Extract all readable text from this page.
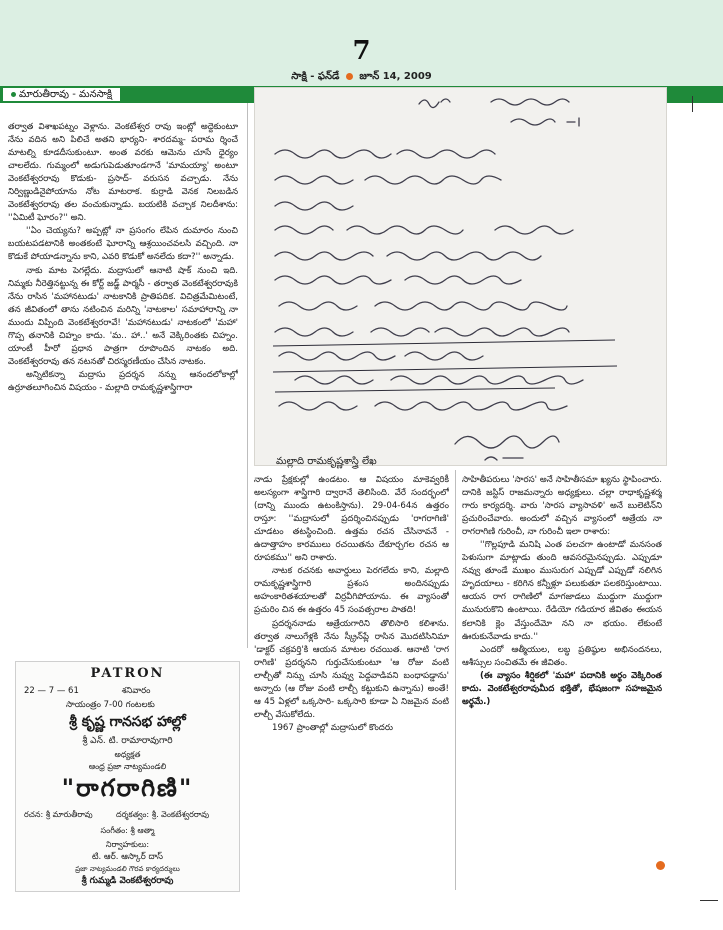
7
సాక్షి - ఫన్‌డే జూన్ 14, 2009
మారుతీరావు - మనసాక్షి

తర్వాత విశాఖపట్నం వెళ్లాను. వెంకటేశ్వర రావు ఇంట్లో అద్దెకుంటూ నేను వదిన అని పిలిచే అతని భార్యని- శారదమ్మ- పరామ ర్శించే మాటల్ని కూడదీసుకుంటూ. అంత వరకు ఆమెను చూసే ధైర్యం చాలలేదు. గుమ్మంలో అడుగుపెడుతూండగానే 'మామయ్యా' అంటూ వెంకటేశ్వరరావు కొడుకు- ప్రసాద్- వరుసన వచ్చాడు. నేను నిర్విణ్ణుడినైపోయాను నోట మాటరాక. కుర్రాడి వెనక నిలబడిన వెంకటేశ్వరరావు తల వంచుకున్నాడు. బయటికి వచ్చాక నిలదీశాను: ''ఏమిటీ ఘోరం?'' అని.

''ఏం చెయ్యను? అప్పట్లో నా ప్రసంగం లేపిన దుమారం నుంచి బయటపడటానికి అంతకంటే ఘోరాన్ని ఆశ్రయించవలసి వచ్చింది. నా కొడుకే పోయాడన్నాను కాని, ఎవరి కొడుకో అనలేదు కదా?'' అన్నాడు.

నాకు మాట పెగల్లేదు. మద్రాసులో ఆనాటి షాక్ నుంచి ఇది. నిమ్మకు నీరెత్తినట్టున్న ఈ కోర్ట్ జడ్జ్ పార్మసీ - తర్వాత వెంకటేశ్వరరావుకి నేను రాసిన 'మహానటుడు' నాటకానికి ప్రాతిపదిక. విచిత్రమేమిటంటే, తన జీవితంలో తాను నటించిన మరిన్ని 'నాటకాల' సమాహారాన్ని నా ముందు విప్పింది వెంకటేశ్వరరావే! 'మహానటుడు' నాటకంలో 'మహా' గొప్ప తనానికి చిహ్నం కాదు. 'మ.. హా..' అనే వెక్కిరింతకు చిహ్నం. యాంటీ హీరో ప్రధాన పాత్రగా రూపొందిన నాటకం అది. వెంకటేశ్వరరావు తన నటనతో చిరస్మరణీయం చేసిన నాటకం.

అన్నిటికన్నా మద్రాసు ప్రదర్శన నన్ను ఆనందలోకాల్లో ఉర్రూతలూగించిన విషయం - మల్లాది రామకృష్ణశాస్త్రిగారా

మల్లాది రామకృష్ణశాస్త్రి లేఖ

నాడు ప్రేక్షకుల్లో ఉండటం. ఆ విషయం మాకెవ్వరికీ అలస్యంగా శాస్త్రిగారి ద్వారానే తెలిసింది. వేరే సందర్భంలో (దాన్ని ముందు ఉటంకిస్తాను). 29-04-64న ఉత్తరం రాస్తూ: ''మద్రాసులో ప్రదర్శించినప్పుడు 'రాగరాగిణి' చూడటం తటస్థించింది. ఉత్తమ రచన చేసినావనే - ఉదాత్తాహం కారములు రచయితను దేకూర్చగల రచన ఆ రూపకము'' అని రాశారు.

నాటక రచనకు అవార్డులు పెరగలేదు కాని, మల్లాది రామకృష్ణశాస్త్రిగారి ప్రశంస అందినప్పుడు అహంకారితశయాలతో విర్రవీగిపోయాను. ఈ వ్యాసంతో ప్రచురిం చిన ఈ ఉత్తరం 45 సంవత్సరాల పాతది!

ప్రదర్శననాడు ఆత్రేయగారిని తొలిసారి కలిశాను. తర్వాత నాలుగేళ్లకి నేను స్క్రీన్‌ప్లే రాసిన మొదటిసినిమా 'డాక్టర్ చక్రవర్తి'కి ఆయన మాటల రచయిత. ఆనాటి 'రాగ రాగిణి' ప్రదర్శనని గుర్తుచేసుకుంటూ 'ఆ రోజు వంటి లాల్చీతో నిన్ను చూసి నువ్వు పెద్దవాడివని బంధాపడ్డాను' అన్నారు (ఆ రోజు వంటి లాల్చీ కట్టుకుని ఉన్నాను) అంతే! ఆ 45 ఏళ్లలో ఒక్కసారి- ఒక్కసారి కూడా ఏ నిజమైన వంటి లాల్చీ వేసుకోలేదు.

1967 ప్రాంతాల్లో మద్రాసులో కొందరు

సాహితీపరులు 'సారస' అనే సాహితీసమా ఖ్యను స్థాపించారు. దానికి జస్టిస్ రాజమన్నారు అధ్యక్షులు. చల్లా రాధాకృష్ణశర్మ గారు కార్యదర్శి. వారు 'సారస వ్యాసావళి' అనే బులెటిన్‌ని ప్రచురించేవారు. అందులో వచ్చిన వ్యాసంలో ఆత్రేయ నా రాగరాగిణి గురించీ, నా గురించీ ఇలా రాశారు:

''గొల్లపూడి మనిషి ఎంత పలచగా ఉంటాడో మనసంత పెళుసుగా మాట్లాడు తుంది ఆవసరమైనప్పుడు. ఎప్పుడూ నవ్వు తూండే ముఖం ముసురుగ ఎప్పుడో ఎప్పుడో నలిగిన హృదయాలు - కరిగిన కన్నీళ్లూ పలుకుతూ పలకరిస్తుంటాయి. ఆయన రాగ రాగిణిలో మాగజాడలు ముద్దుగా ముద్దుగా మునురుకొని ఉంటాయి. రేడియో గడియార జీవితం ఈయన కలానికి క్లెం వేస్తుందేమో నని నా భయం. లేకుంటే ఊరుకునేవాడు కాదు.''

ఎందరో ఆత్మీయుల, లబ్ధ ప్రతిష్ఠుల అభినందనలు, ఆశీస్సుల సంచితమే ఈ జీవితం.

(ఈ వ్యాసం శీర్షికలో 'మహా' పదానికి అర్థం వెక్కిరింత కాదు. వెంకటేశ్వరరావుమీద భక్తితో, భేషజంగా సహజమైన అర్థమే.)

PATRON
22 — 7 — 61	శనివారం
సాయంత్రం 7-00 గంటలకు
శ్రీ కృష్ణ గానసభ హాల్లో
శ్రీ ఎన్. టి. రామారావుగారి
అధ్యక్షత
ఆంధ్ర ప్రజా నాట్యమండలి
"రాగరాగిణి"
రచన: శ్రీ మారుతీరావు	దర్శకత్వం: శ్రీ. వెంకటేశ్వరరావు
సంగీతం: శ్రీ ఆత్మా
నిర్వాహకులు:
టి. ఆర్. ఆస్కార్ దాస్
ప్రజా నాట్యమండలి గౌరవ కార్యదర్శులు
శ్రీ గుమ్మడి వెంకటేశ్వరరావు
